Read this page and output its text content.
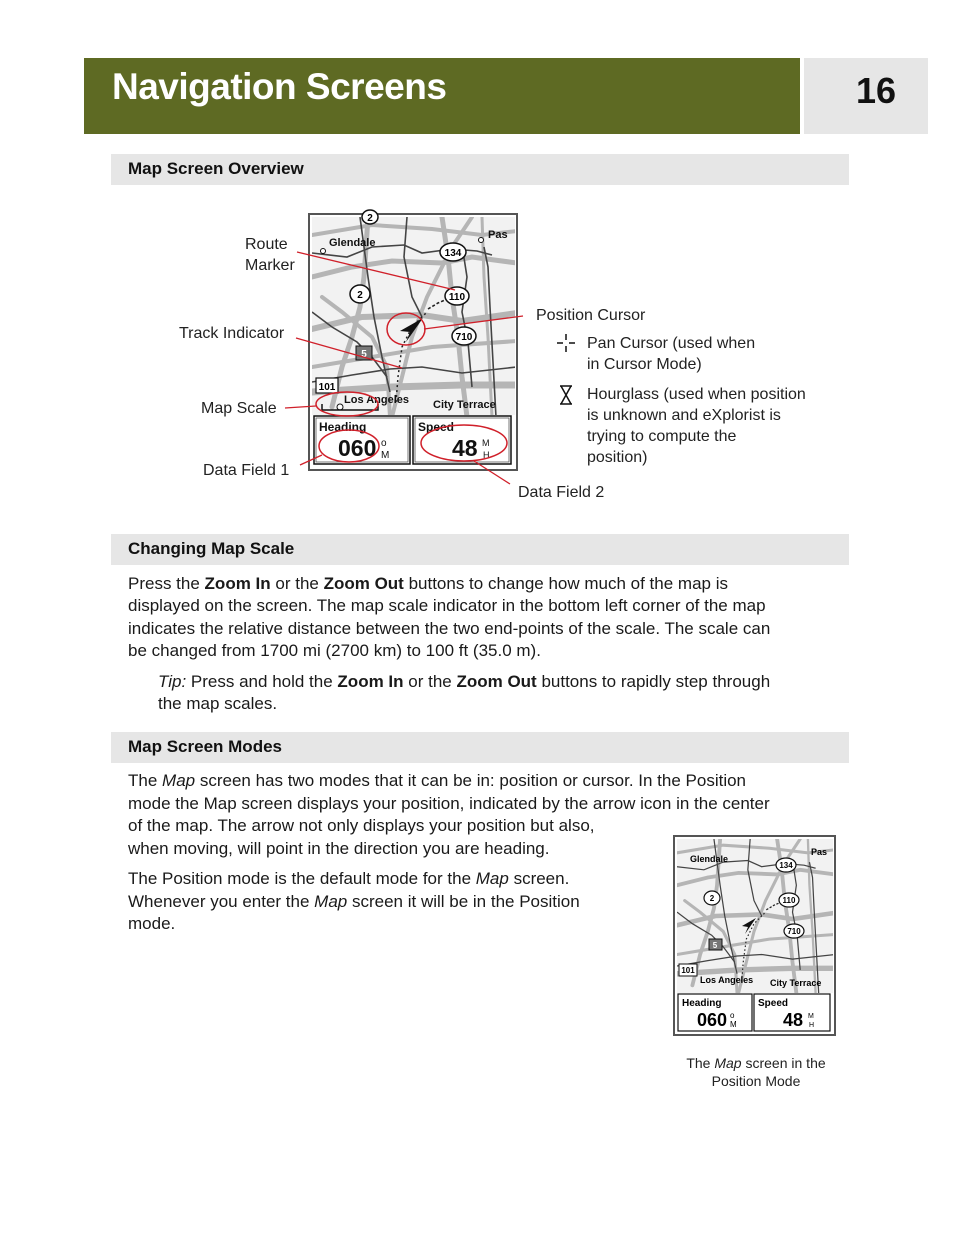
Navigation Screens	16
Map Screen Overview
Glendale
Pas
Los Angeles City Terrace
2
134
2	110
710
5
101
Heading
060 o
M
Speed
48 M
H
Route
Marker
Track Indicator
Map Scale
Data Field 1
Data Field 2
Position Cursor
Pan Cursor (used when
in Cursor Mode)
Hourglass (used when position
is unknown and eXplorist is
trying to compute the
position)
Changing Map Scale
Press the Zoom In or the Zoom Out buttons to change how much of the map is
displayed on the screen. The map scale indicator in the bottom left corner of the map
indicates the relative distance between the two end-points of the scale. The scale can
be changed from 1700 mi (2700 km) to 100 ft (35.0 m).
Tip: Press and hold the Zoom In or the Zoom Out buttons to rapidly step through
the map scales.
Map Screen Modes
The Map screen has two modes that it can be in: position or cursor. In the Position
mode the Map screen displays your position, indicated by the arrow icon in the center
of the map. The arrow not only displays your position but also,
when moving, will point in the direction you are heading.
The Position mode is the default mode for the Map screen.
Whenever you enter the Map screen it will be in the Position
mode.
Glendale
Pas
Los Angeles City Terrace
134
2	110
710
5
101
Heading
060 o
M
Speed
48 M
H
The Map screen in the
Position Mode
